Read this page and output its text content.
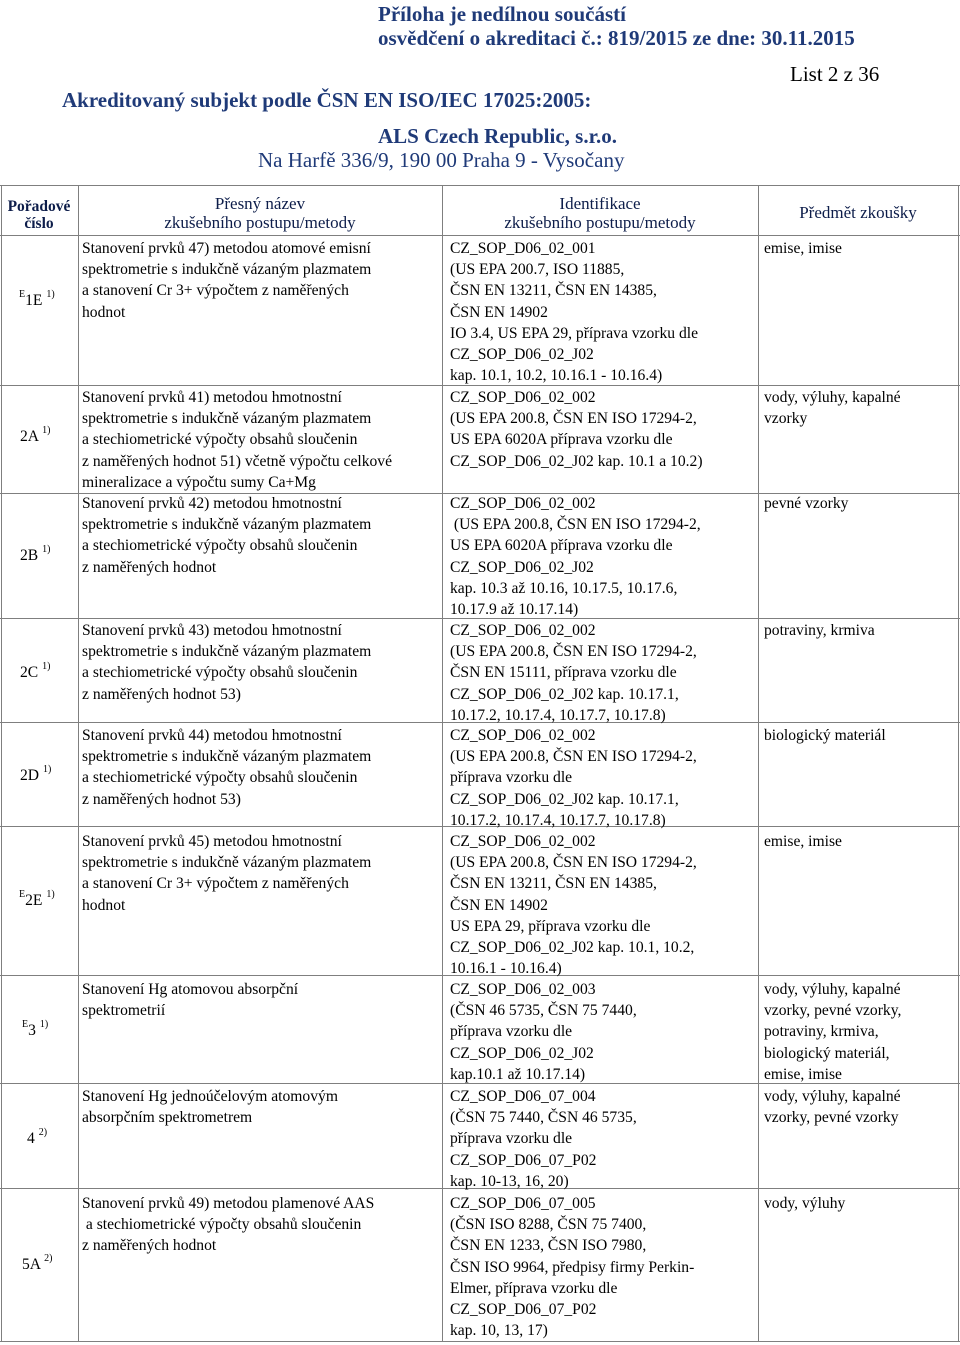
Příloha je nedílnou součástí
osvědčení o akreditaci č.: 819/2015 ze dne: 30.11.2015
List 2 z 36
Akreditovaný subjekt podle ČSN EN ISO/IEC 17025:2005:
ALS Czech Republic, s.r.o.
Na Harfě 336/9, 190 00 Praha 9 - Vysočany
Pořadové
číslo
Přesný název
zkušebního postupu/metody
Identifikace
zkušebního postupu/metody
Předmět zkoušky
$^E$1E $^{1)}$
2A $^{1)}$
2B $^{1)}$
2C $^{1)}$
2D $^{1)}$
$^E$2E $^{1)}$
$^E$3 $^{1)}$
4 $^{2)}$
5A $^{2)}$
Stanovení prvků 47) metodou atomové emisní
spektrometrie s indukčně vázaným plazmatem
a stanovení Cr 3+ výpočtem z naměřených
hodnot
CZ_SOP_D06_02_001
(US EPA 200.7, ISO 11885,
ČSN EN 13211, ČSN EN 14385,
ČSN EN 14902
IO 3.4, US EPA 29, příprava vzorku dle
CZ_SOP_D06_02_J02
kap. 10.1, 10.2, 10.16.1 - 10.16.4)
emise, imise
Stanovení prvků 41) metodou hmotnostní
spektrometrie s indukčně vázaným plazmatem
a stechiometrické výpočty obsahů sloučenin
z naměřených hodnot 51) včetně výpočtu celkové
mineralizace a výpočtu sumy Ca+Mg
CZ_SOP_D06_02_002
(US EPA 200.8, ČSN EN ISO 17294-2,
US EPA 6020A příprava vzorku dle
CZ_SOP_D06_02_J02 kap. 10.1 a 10.2)
vody, výluhy, kapalné
vzorky
Stanovení prvků 42) metodou hmotnostní
spektrometrie s indukčně vázaným plazmatem
a stechiometrické výpočty obsahů sloučenin
z naměřených hodnot
CZ_SOP_D06_02_002
(US EPA 200.8, ČSN EN ISO 17294-2,
US EPA 6020A příprava vzorku dle
CZ_SOP_D06_02_J02
kap. 10.3 až 10.16, 10.17.5, 10.17.6,
10.17.9 až 10.17.14)
pevné vzorky
Stanovení prvků 43) metodou hmotnostní
spektrometrie s indukčně vázaným plazmatem
a stechiometrické výpočty obsahů sloučenin
z naměřených hodnot 53)
CZ_SOP_D06_02_002
(US EPA 200.8, ČSN EN ISO 17294-2,
ČSN EN 15111, příprava vzorku dle
CZ_SOP_D06_02_J02 kap. 10.17.1,
10.17.2, 10.17.4, 10.17.7, 10.17.8)
potraviny, krmiva
Stanovení prvků 44) metodou hmotnostní
spektrometrie s indukčně vázaným plazmatem
a stechiometrické výpočty obsahů sloučenin
z naměřených hodnot 53)
CZ_SOP_D06_02_002
(US EPA 200.8, ČSN EN ISO 17294-2,
příprava vzorku dle
CZ_SOP_D06_02_J02 kap. 10.17.1,
10.17.2, 10.17.4, 10.17.7, 10.17.8)
biologický materiál
Stanovení prvků 45) metodou hmotnostní
spektrometrie s indukčně vázaným plazmatem
a stanovení Cr 3+ výpočtem z naměřených
hodnot
CZ_SOP_D06_02_002
(US EPA 200.8, ČSN EN ISO 17294-2,
ČSN EN 13211, ČSN EN 14385,
ČSN EN 14902
US EPA 29, příprava vzorku dle
CZ_SOP_D06_02_J02 kap. 10.1, 10.2,
10.16.1 - 10.16.4)
emise, imise
Stanovení Hg atomovou absorpční
spektrometrií
CZ_SOP_D06_02_003
(ČSN 46 5735, ČSN 75 7440,
příprava vzorku dle
CZ_SOP_D06_02_J02
kap.10.1 až 10.17.14)
vody, výluhy, kapalné
vzorky, pevné vzorky,
potraviny, krmiva,
biologický materiál,
emise, imise
Stanovení Hg jednoúčelovým atomovým
absorpčním spektrometrem
CZ_SOP_D06_07_004
(ČSN 75 7440, ČSN 46 5735,
příprava vzorku dle
CZ_SOP_D06_07_P02
kap. 10-13, 16, 20)
vody, výluhy, kapalné
vzorky, pevné vzorky
Stanovení prvků 49) metodou plamenové AAS
a stechiometrické výpočty obsahů sloučenin
z naměřených hodnot
CZ_SOP_D06_07_005
(ČSN ISO 8288, ČSN 75 7400,
ČSN EN 1233, ČSN ISO 7980,
ČSN ISO 9964, předpisy firmy Perkin-
Elmer, příprava vzorku dle
CZ_SOP_D06_07_P02
kap. 10, 13, 17)
vody, výluhy
